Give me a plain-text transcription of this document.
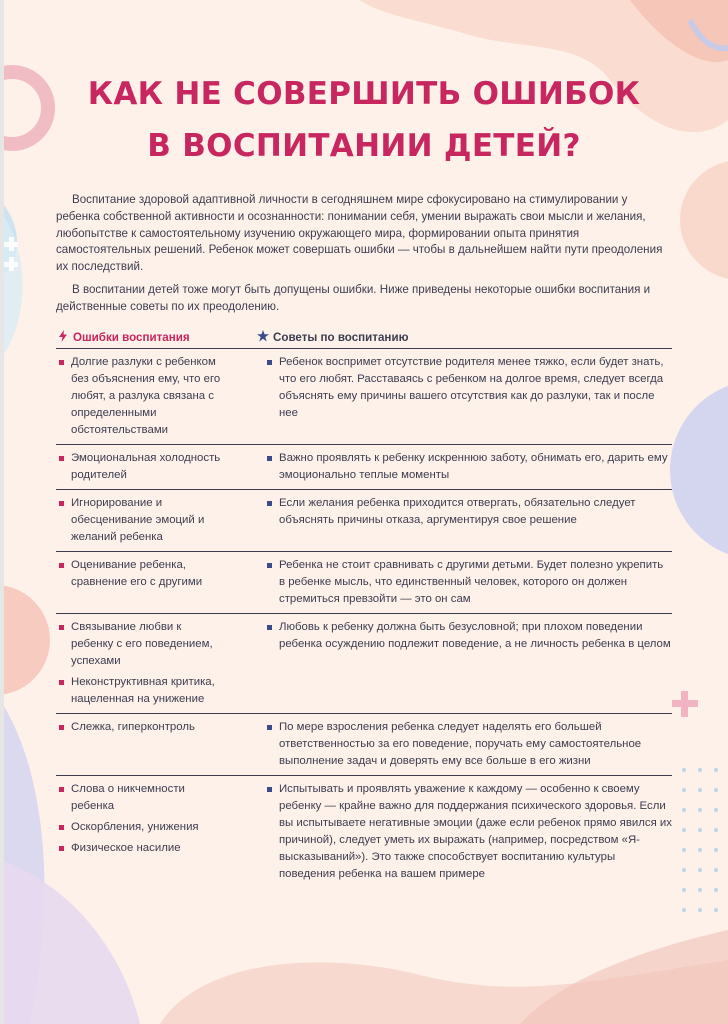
КАК НЕ СОВЕРШИТЬ ОШИБОК
В ВОСПИТАНИИ ДЕТЕЙ?

Воспитание здоровой адаптивной личности в сегодняшнем мире сфокусировано на стимулировании у ребенка собственной активности и осознанности: понимании себя, умении выражать свои мысли и желания, любопытстве к самостоятельному изучению окружающего мира, формировании опыта принятия самостоятельных решений. Ребенок может совершать ошибки — чтобы в дальнейшем найти пути преодоления их последствий.

В воспитании детей тоже могут быть допущены ошибки. Ниже приведены некоторые ошибки воспитания и действенные советы по их преодолению.

Ошибки воспитания	Советы по воспитанию
Долгие разлуки с ребенком без объяснения ему, что его любят, а разлука связана с определенными обстоятельствами
Ребенок воспримет отсутствие родителя менее тяжко, если будет знать, что его любят. Расставаясь с ребенком на долгое время, следует всегда объяснять ему причины вашего отсутствия как до разлуки, так и после нее
Эмоциональная холодность родителей
Важно проявлять к ребенку искреннюю заботу, обнимать его, дарить ему эмоционально теплые моменты
Игнорирование и обесценивание эмоций и желаний ребенка
Если желания ребенка приходится отвергать, обязательно следует объяснять причины отказа, аргументируя свое решение
Оценивание ребенка, сравнение его с другими
Ребенка не стоит сравнивать с другими детьми. Будет полезно укрепить в ребенке мысль, что единственный человек, которого он должен стремиться превзойти — это он сам
Связывание любви к ребенку с его поведением, успехами
Неконструктивная критика, нацеленная на унижение
Любовь к ребенку должна быть безусловной; при плохом поведении ребенка осуждению подлежит поведение, а не личность ребенка в целом
Слежка, гиперконтроль	По мере взросления ребенка следует наделять его большей ответственностью за его поведение, поручать ему самостоятельное выполнение задач и доверять ему все больше в его жизни
Слова о никчемности ребенка
Оскорбления, унижения
Физическое насилие
Испытывать и проявлять уважение к каждому — особенно к своему ребенку — крайне важно для поддержания психического здоровья. Если вы испытываете негативные эмоции (даже если ребенок прямо явился их причиной), следует уметь их выражать (например, посредством «Я-высказываний»). Это также способствует воспитанию культуры поведения ребенка на вашем примере
